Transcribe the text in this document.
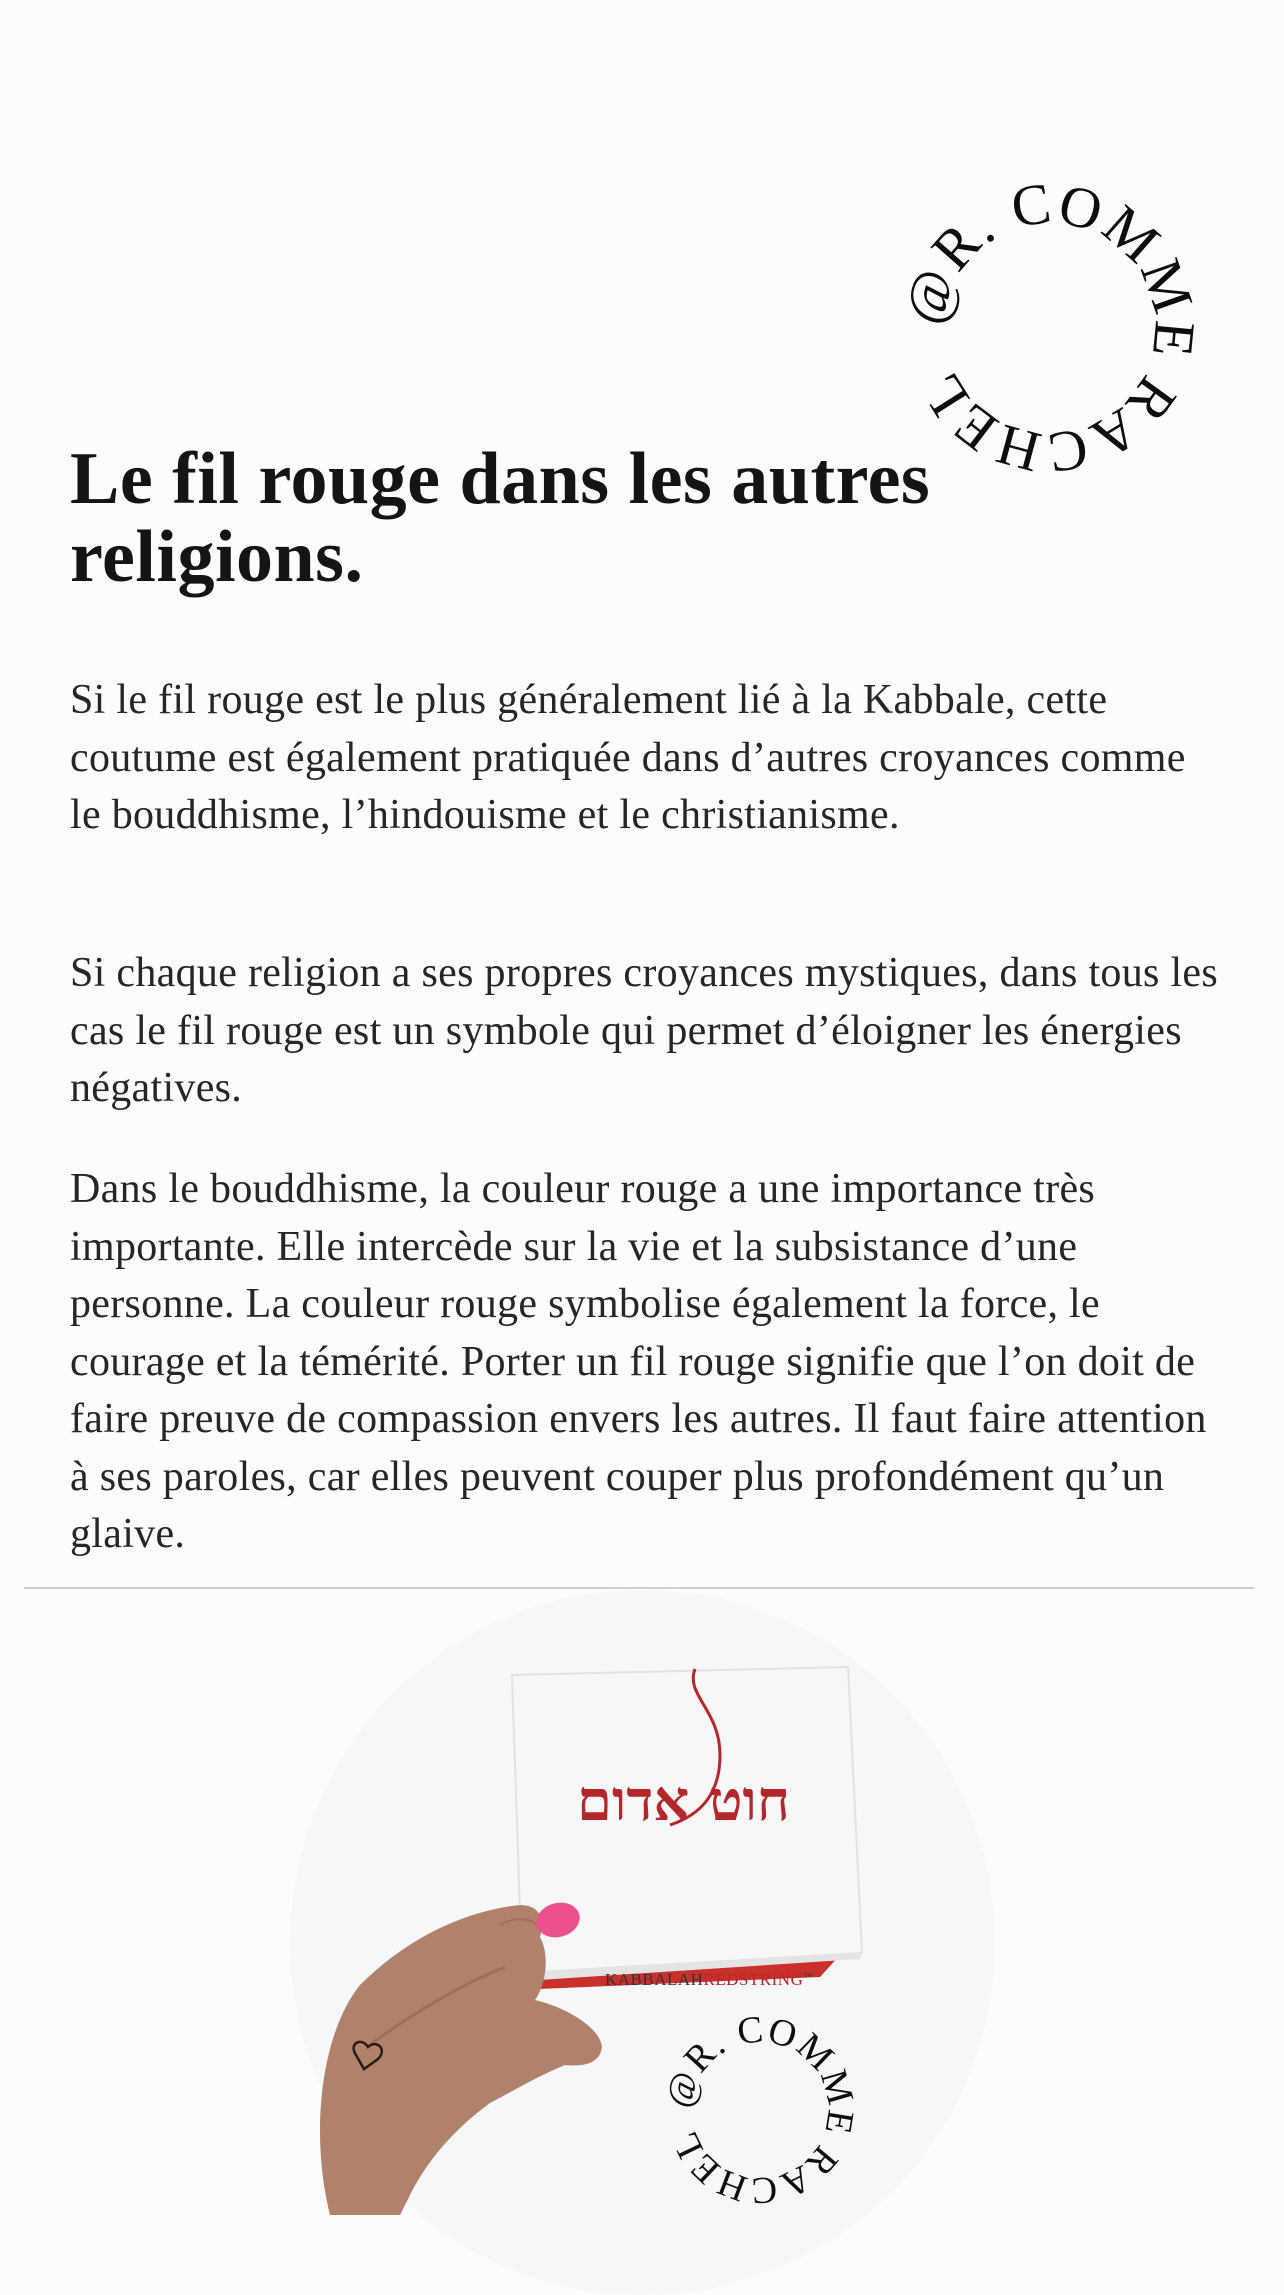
@R. COMME RACHEL
Le fil rouge dans les autres religions.

Si le fil rouge est le plus généralement lié à la Kabbale, cette coutume est également pratiquée dans d’autres croyances comme le bouddhisme, l’hindouisme et le christianisme.

Si chaque religion a ses propres croyances mystiques, dans tous les cas le fil rouge est un symbole qui permet d’éloigner les énergies négatives.

Dans le bouddhisme, la couleur rouge a une importance très importante. Elle intercède sur la vie et la subsistance d’une personne. La couleur rouge symbolise également la force, le courage et la témérité. Porter un fil rouge signifie que l’on doit de faire preuve de compassion envers les autres. Il faut faire attention à ses paroles, car elles peuvent couper plus profondément qu’un glaive.

חוט אדום
KABBALAHREDSTRING™
@R. COMME RACHEL
